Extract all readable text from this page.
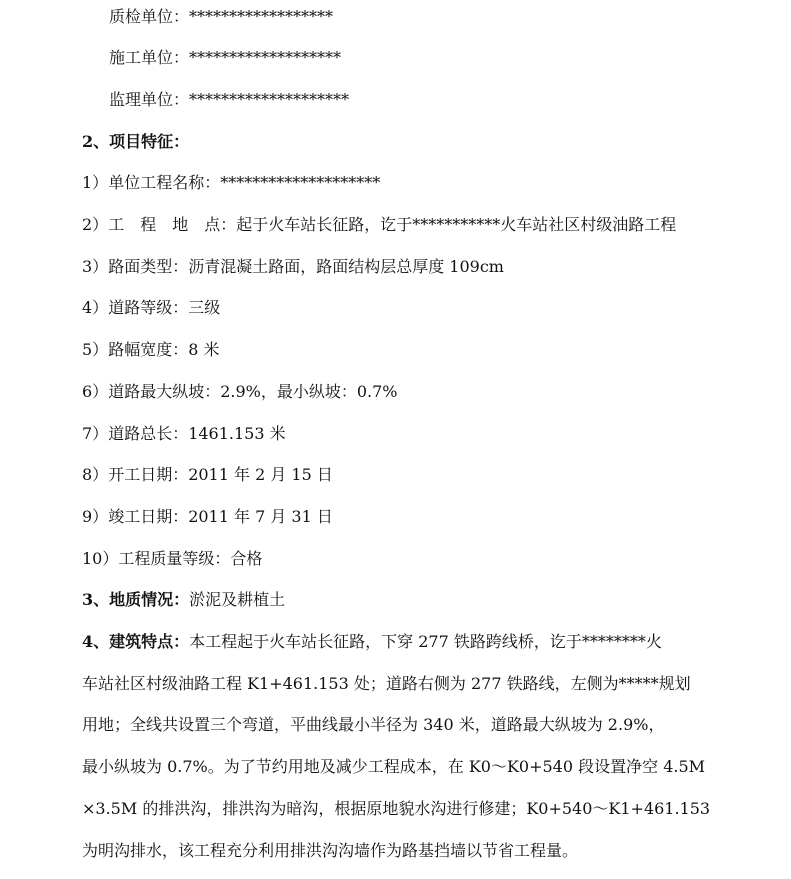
质检单位：******************
施工单位：*******************
监理单位：********************
2、项目特征：
1）单位工程名称：********************
2）工　程　地　点：起于火车站长征路，讫于***********火车站社区村级油路工程
3）路面类型：沥青混凝土路面，路面结构层总厚度 109cm
4）道路等级：三级
5）路幅宽度：8 米
6）道路最大纵坡：2.9%，最小纵坡：0.7%
7）道路总长：1461.153 米
8）开工日期：2011 年 2 月 15 日
9）竣工日期：2011 年 7 月 31 日
10）工程质量等级：合格
3、地质情况：淤泥及耕植土
4、建筑特点：本工程起于火车站长征路，下穿 277 铁路跨线桥，讫于********火
车站社区村级油路工程 K1+461.153 处；道路右侧为 277 铁路线，左侧为*****规划
用地；全线共设置三个弯道，平曲线最小半径为 340 米，道路最大纵坡为 2.9%，
最小纵坡为 0.7%。为了节约用地及减少工程成本，在 K0～K0+540 段设置净空 4.5M
×3.5M 的排洪沟，排洪沟为暗沟，根据原地貌水沟进行修建；K0+540～K1+461.153
为明沟排水，该工程充分利用排洪沟沟墙作为路基挡墙以节省工程量。
